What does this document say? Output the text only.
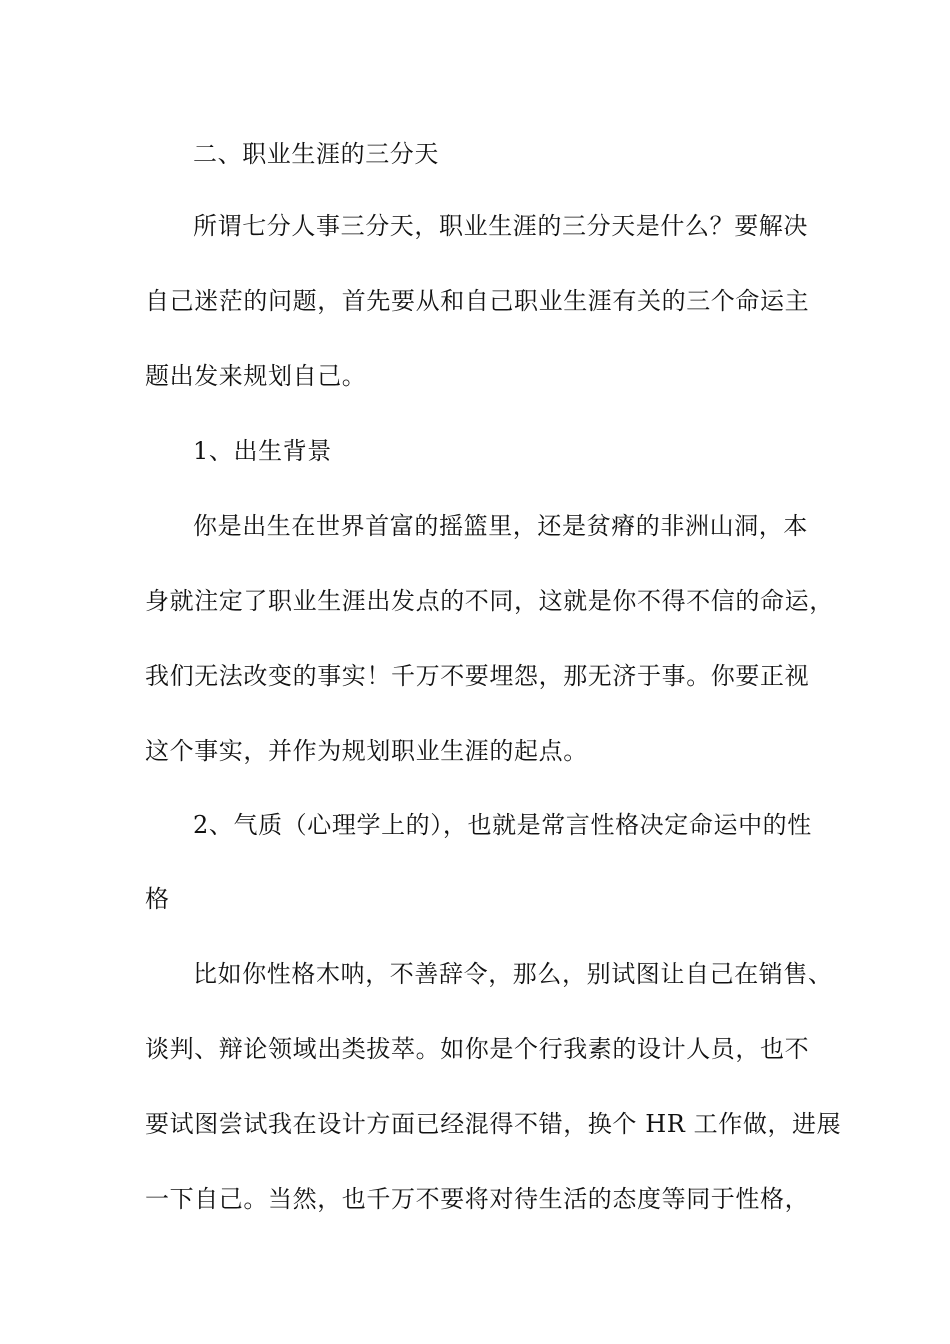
二、职业生涯的三分天
所谓七分人事三分天，职业生涯的三分天是什么？要解决
自己迷茫的问题，首先要从和自己职业生涯有关的三个命运主
题出发来规划自己。
1、出生背景
你是出生在世界首富的摇篮里，还是贫瘠的非洲山洞，本
身就注定了职业生涯出发点的不同，这就是你不得不信的命运，
我们无法改变的事实！千万不要埋怨，那无济于事。你要正视
这个事实，并作为规划职业生涯的起点。
2、气质（心理学上的），也就是常言性格决定命运中的性
格
比如你性格木呐，不善辞令，那么，别试图让自己在销售、
谈判、辩论领域出类拔萃。如你是个行我素的设计人员，也不
要试图尝试我在设计方面已经混得不错，换个 HR 工作做，进展
一下自己。当然，也千万不要将对待生活的态度等同于性格，
